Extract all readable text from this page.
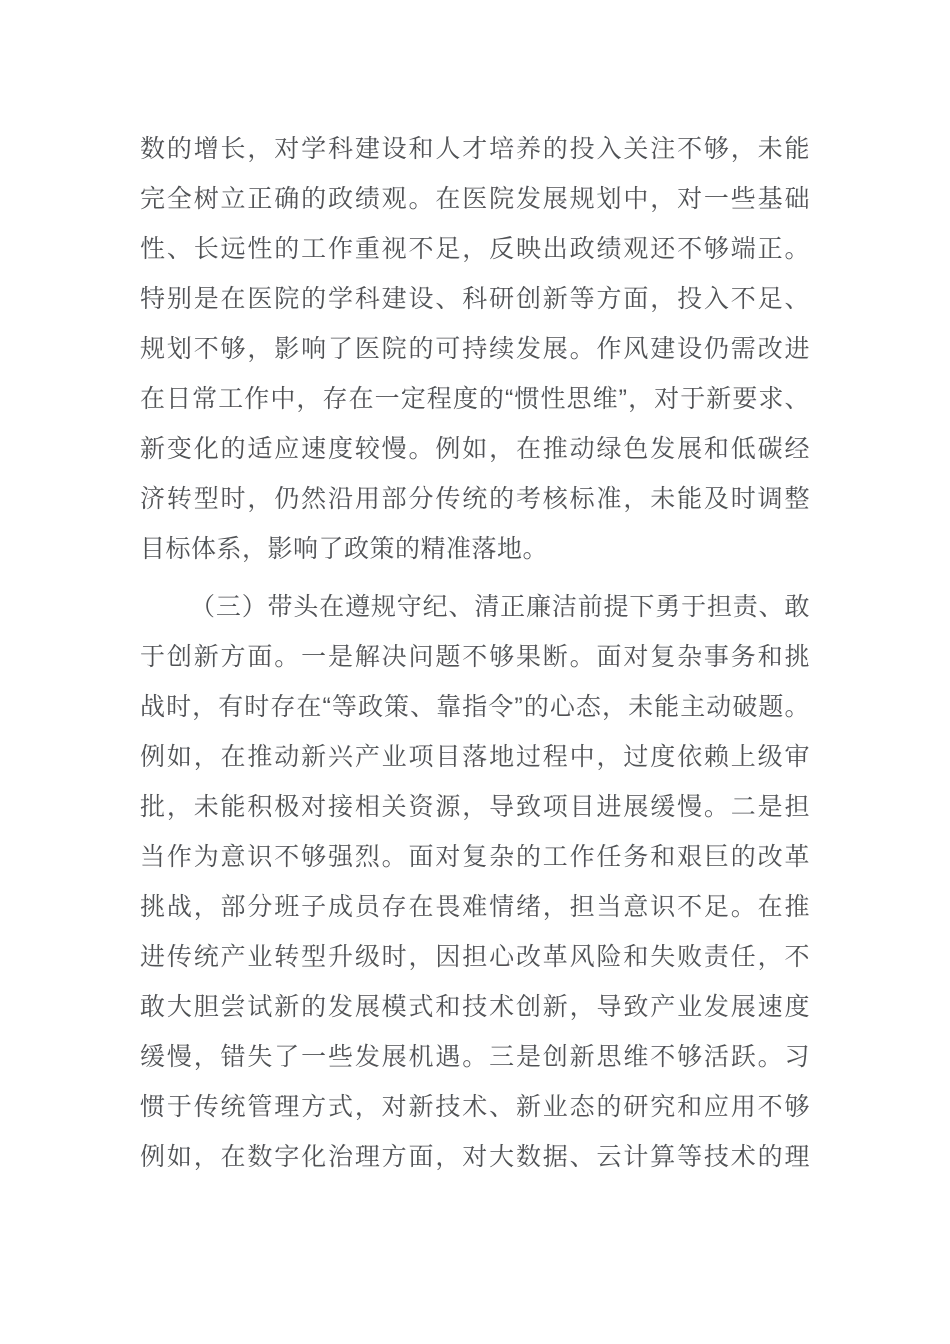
数的增长，对学科建设和人才培养的投入关注不够，未能
完全树立正确的政绩观。在医院发展规划中，对一些基础
性、长远性的工作重视不足，反映出政绩观还不够端正。
特别是在医院的学科建设、科研创新等方面，投入不足、
规划不够，影响了医院的可持续发展。作风建设仍需改进
在日常工作中，存在一定程度的“惯性思维”，对于新要求、
新变化的适应速度较慢。例如，在推动绿色发展和低碳经
济转型时，仍然沿用部分传统的考核标准，未能及时调整
目标体系，影响了政策的精准落地。

（三）带头在遵规守纪、清正廉洁前提下勇于担责、敢
于创新方面。一是解决问题不够果断。面对复杂事务和挑
战时，有时存在“等政策、靠指令”的心态，未能主动破题。
例如，在推动新兴产业项目落地过程中，过度依赖上级审
批，未能积极对接相关资源，导致项目进展缓慢。二是担
当作为意识不够强烈。面对复杂的工作任务和艰巨的改革
挑战，部分班子成员存在畏难情绪，担当意识不足。在推
进传统产业转型升级时，因担心改革风险和失败责任，不
敢大胆尝试新的发展模式和技术创新，导致产业发展速度
缓慢，错失了一些发展机遇。三是创新思维不够活跃。习
惯于传统管理方式，对新技术、新业态的研究和应用不够
例如，在数字化治理方面，对大数据、云计算等技术的理
